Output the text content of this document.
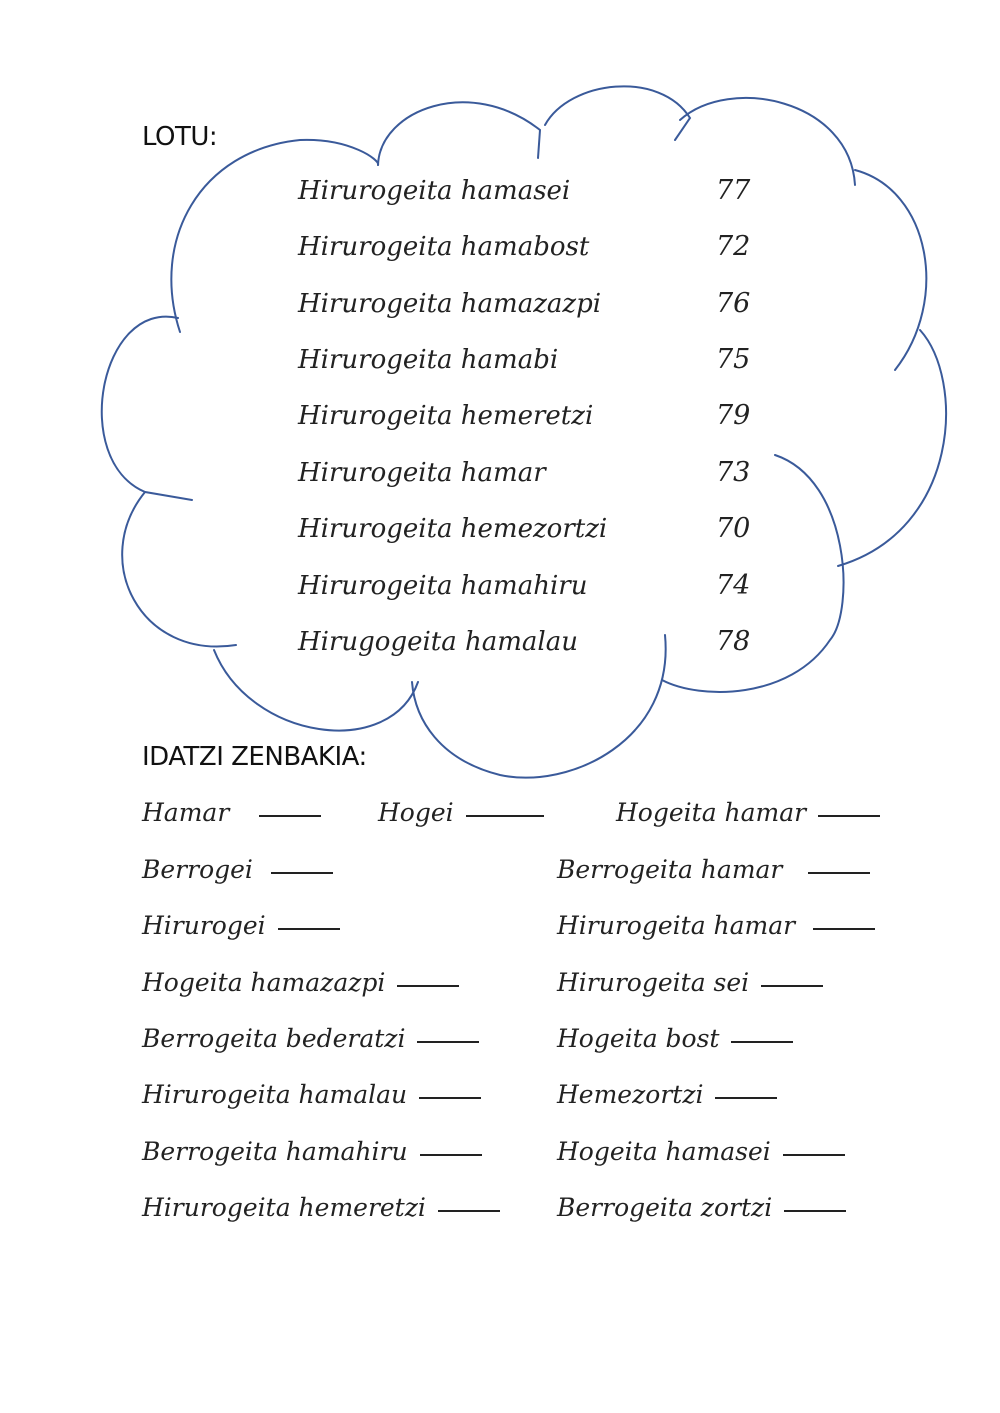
LOTU:
Hirurogeita hamasei
Hirurogeita hamabost
Hirurogeita hamazazpi
Hirurogeita hamabi
Hirurogeita hemeretzi
Hirurogeita hamar
Hirurogeita hemezortzi
Hirurogeita hamahiru
Hirugogeita hamalau
77
72
76
75
79
73
70
74
78
IDATZI ZENBAKIA:
Hamar	Hogei	Hogeita hamar
Berrogei
Hirurogei
Hogeita hamazazpi
Berrogeita bederatzi
Hirurogeita hamalau
Berrogeita hamahiru
Hirurogeita hemeretzi
Berrogeita hamar
Hirurogeita hamar
Hirurogeita sei
Hogeita bost
Hemezortzi
Hogeita hamasei
Berrogeita zortzi
